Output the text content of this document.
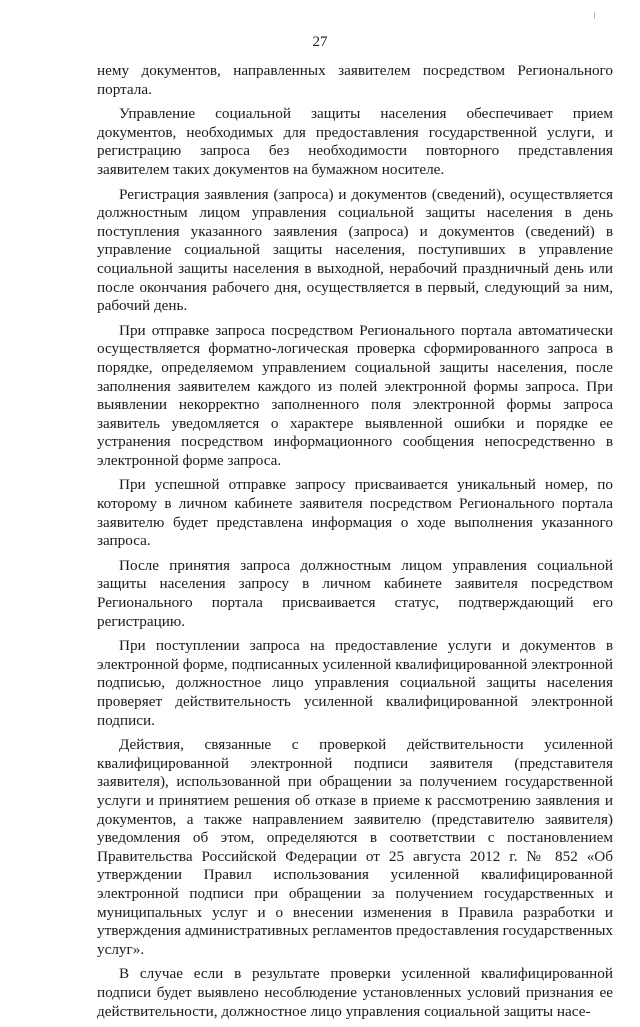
27

нему документов, направленных заявителем посредством Регионального портала.

Управление социальной защиты населения обеспечивает прием документов, необходимых для предоставления государственной услуги, и регистрацию запроса без необходимости повторного представления заявителем таких документов на бумажном носителе.

Регистрация заявления (запроса) и документов (сведений), осуществляется должностным лицом управления социальной защиты населения в день поступления указанного заявления (запроса) и документов (сведений) в управление социальной защиты населения, поступивших в управление социальной защиты населения в выходной, нерабочий праздничный день или после окончания рабочего дня, осуществляется в первый, следующий за ним, рабочий день.

При отправке запроса посредством Регионального портала автоматически осуществляется форматно-логическая проверка сформированного запроса в порядке, определяемом управлением социальной защиты населения, после заполнения заявителем каждого из полей электронной формы запроса. При выявлении некорректно заполненного поля электронной формы запроса заявитель уведомляется о характере выявленной ошибки и порядке ее устранения посредством информационного сообщения непосредственно в электронной форме запроса.

При успешной отправке запросу присваивается уникальный номер, по которому в личном кабинете заявителя посредством Регионального портала заявителю будет представлена информация о ходе выполнения указанного запроса.

После принятия запроса должностным лицом управления социальной защиты населения запросу в личном кабинете заявителя посредством Регионального портала присваивается статус, подтверждающий его регистрацию.

При поступлении запроса на предоставление услуги и документов в электронной форме, подписанных усиленной квалифицированной электронной подписью, должностное лицо управления социальной защиты населения проверяет действительность усиленной квалифицированной электронной подписи.

Действия, связанные с проверкой действительности усиленной квалифицированной электронной подписи заявителя (представителя заявителя), использованной при обращении за получением государственной услуги и принятием решения об отказе в приеме к рассмотрению заявления и документов, а также направлением заявителю (представителю заявителя) уведомления об этом, определяются в соответствии с постановлением Правительства Российской Федерации от 25 августа 2012 г. № 852 «Об утверждении Правил использования усиленной квалифицированной электронной подписи при обращении за получением государственных и муниципальных услуг и о внесении изменения в Правила разработки и утверждения административных регламентов предоставления государственных услуг».

В случае если в результате проверки усиленной квалифицированной подписи будет выявлено несоблюдение установленных условий признания ее действительности, должностное лицо управления социальной защиты насе-
